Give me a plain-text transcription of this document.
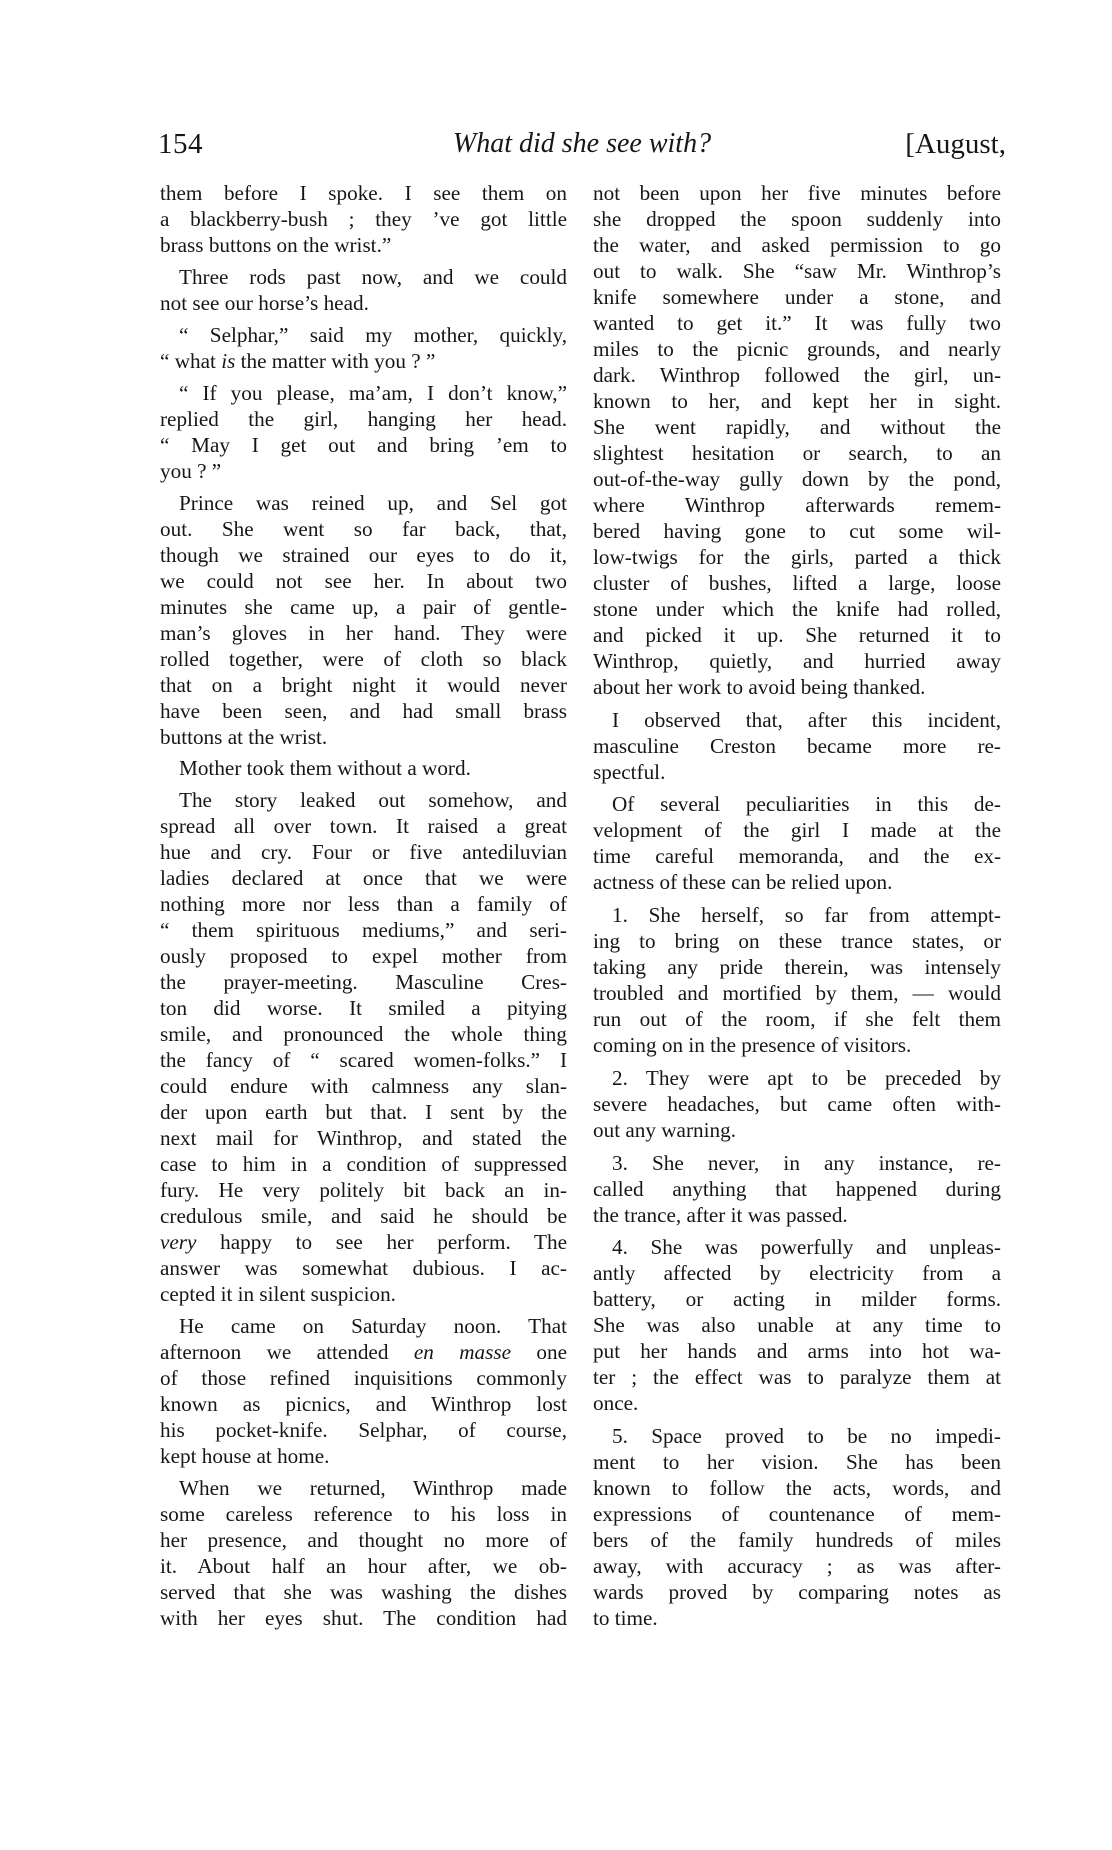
154	What did she see with?	[August,
them before I spoke. I see them on
a blackberry-bush ; they ’ve got little
brass buttons on the wrist.”
Three rods past now, and we could
not see our horse’s head.
“ Selphar,” said my mother, quickly,
“ what is the matter with you ? ”
“ If you please, ma’am, I don’t know,”
replied the girl, hanging her head.
“ May I get out and bring ’em to
you ? ”
Prince was reined up, and Sel got
out. She went so far back, that,
though we strained our eyes to do it,
we could not see her. In about two
minutes she came up, a pair of gentle-
man’s gloves in her hand. They were
rolled together, were of cloth so black
that on a bright night it would never
have been seen, and had small brass
buttons at the wrist.
Mother took them without a word.
The story leaked out somehow, and
spread all over town. It raised a great
hue and cry. Four or five antediluvian
ladies declared at once that we were
nothing more nor less than a family of
“ them spirituous mediums,” and seri-
ously proposed to expel mother from
the prayer-meeting. Masculine Cres-
ton did worse. It smiled a pitying
smile, and pronounced the whole thing
the fancy of “ scared women-folks.” I
could endure with calmness any slan-
der upon earth but that. I sent by the
next mail for Winthrop, and stated the
case to him in a condition of suppressed
fury. He very politely bit back an in-
credulous smile, and said he should be
very happy to see her perform. The
answer was somewhat dubious. I ac-
cepted it in silent suspicion.
He came on Saturday noon. That
afternoon we attended en masse one
of those refined inquisitions commonly
known as picnics, and Winthrop lost
his pocket-knife. Selphar, of course,
kept house at home.
When we returned, Winthrop made
some careless reference to his loss in
her presence, and thought no more of
it. About half an hour after, we ob-
served that she was washing the dishes
with her eyes shut. The condition had
not been upon her five minutes before
she dropped the spoon suddenly into
the water, and asked permission to go
out to walk. She “saw Mr. Winthrop’s
knife somewhere under a stone, and
wanted to get it.” It was fully two
miles to the picnic grounds, and nearly
dark. Winthrop followed the girl, un-
known to her, and kept her in sight.
She went rapidly, and without the
slightest hesitation or search, to an
out-of-the-way gully down by the pond,
where Winthrop afterwards remem-
bered having gone to cut some wil-
low-twigs for the girls, parted a thick
cluster of bushes, lifted a large, loose
stone under which the knife had rolled,
and picked it up. She returned it to
Winthrop, quietly, and hurried away
about her work to avoid being thanked.
I observed that, after this incident,
masculine Creston became more re-
spectful.
Of several peculiarities in this de-
velopment of the girl I made at the
time careful memoranda, and the ex-
actness of these can be relied upon.
1. She herself, so far from attempt-
ing to bring on these trance states, or
taking any pride therein, was intensely
troubled and mortified by them, — would
run out of the room, if she felt them
coming on in the presence of visitors.
2. They were apt to be preceded by
severe headaches, but came often with-
out any warning.
3. She never, in any instance, re-
called anything that happened during
the trance, after it was passed.
4. She was powerfully and unpleas-
antly affected by electricity from a
battery, or acting in milder forms.
She was also unable at any time to
put her hands and arms into hot wa-
ter ; the effect was to paralyze them at
once.
5. Space proved to be no impedi-
ment to her vision. She has been
known to follow the acts, words, and
expressions of countenance of mem-
bers of the family hundreds of miles
away, with accuracy ; as was after-
wards proved by comparing notes as
to time.
